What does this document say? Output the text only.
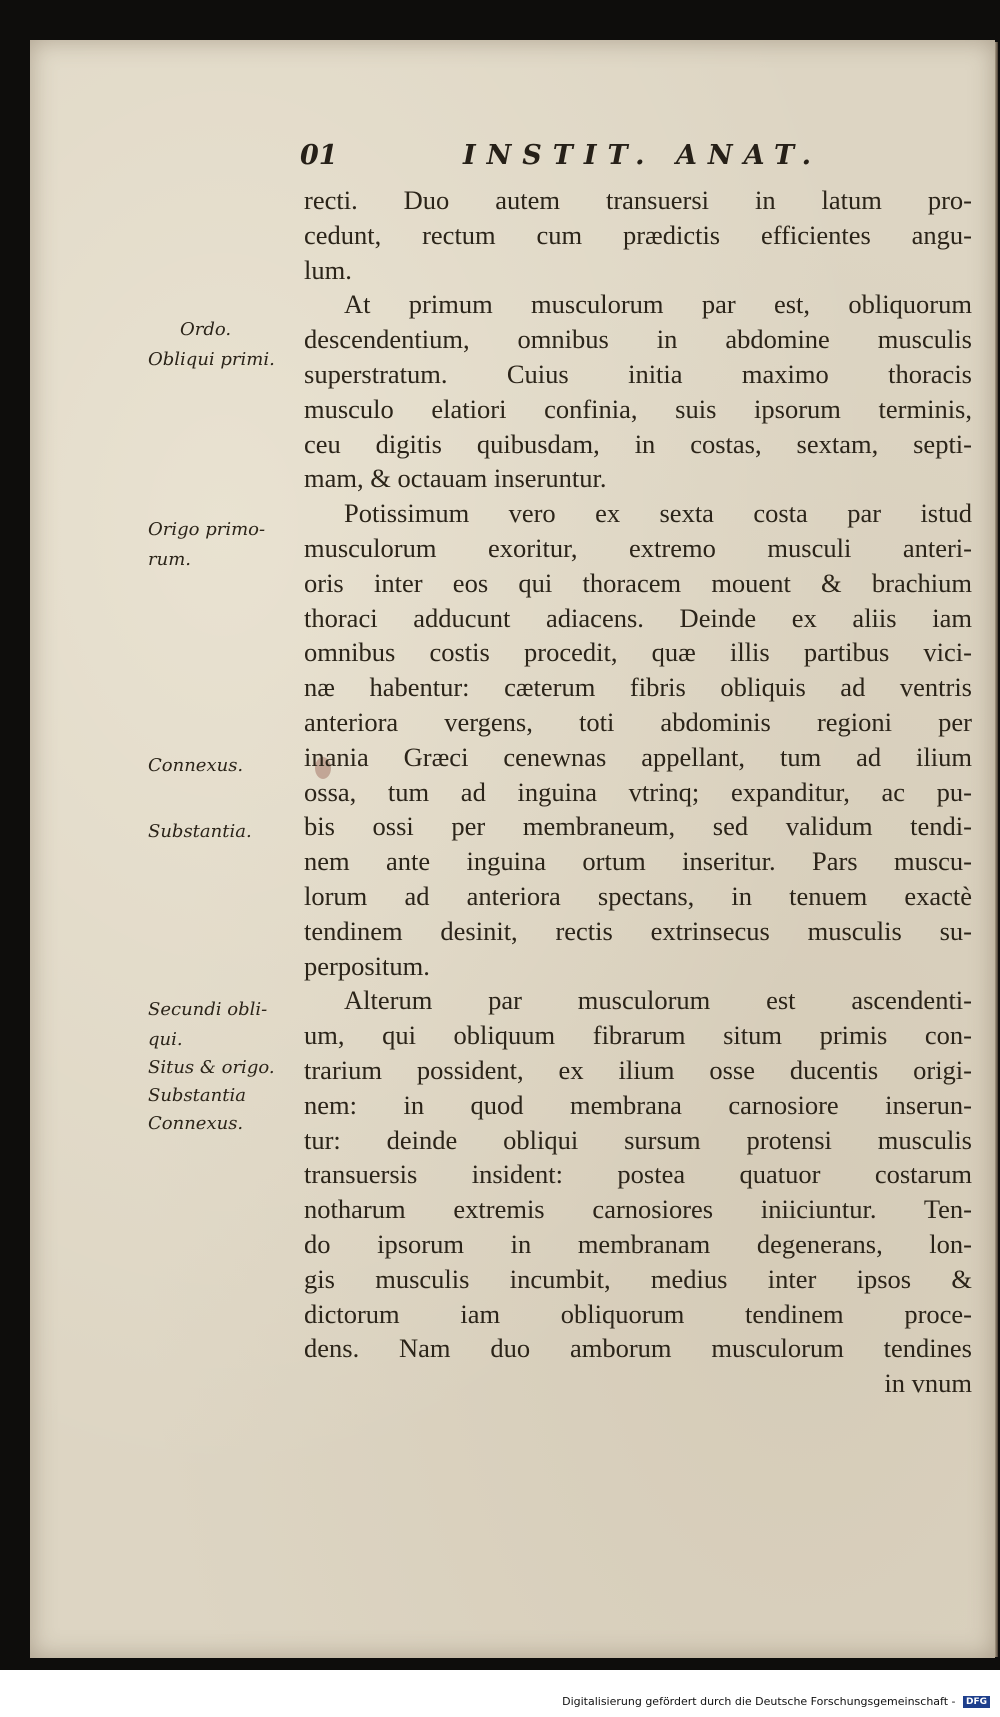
01	INSTIT. ANAT.
Ordo.
Obliqui primi.
Origo primo-
rum.
Connexus.
Substantia.
Secundi obli-
qui.
Situs & origo.
Substantia
Connexus.
recti. Duo autem transuersi in latum pro-
cedunt, rectum cum prædictis efficientes angu-
lum.
At primum musculorum par est, obliquorum
descendentium, omnibus in abdomine musculis
superstratum. Cuius initia maximo thoracis
musculo elatiori confinia, suis ipsorum terminis,
ceu digitis quibusdam, in costas, sextam, septi-
mam, & octauam inseruntur.
Potissimum vero ex sexta costa par istud
musculorum exoritur, extremo musculi anteri-
oris inter eos qui thoracem mouent & brachium
thoraci adducunt adiacens. Deinde ex aliis iam
omnibus costis procedit, quæ illis partibus vici-
næ habentur: cæterum fibris obliquis ad ventris
anteriora vergens, toti abdominis regioni per
inania Græci cenewnas appellant, tum ad ilium
ossa, tum ad inguina vtrinq; expanditur, ac pu-
bis ossi per membraneum, sed validum tendi-
nem ante inguina ortum inseritur. Pars muscu-
lorum ad anteriora spectans, in tenuem exactè
tendinem desinit, rectis extrinsecus musculis su-
perpositum.
Alterum par musculorum est ascendenti-
um, qui obliquum fibrarum situm primis con-
trarium possident, ex ilium osse ducentis origi-
nem: in quod membrana carnosiore inserun-
tur: deinde obliqui sursum protensi musculis
transuersis insident: postea quatuor costarum
notharum extremis carnosiores iniiciuntur. Ten-
do ipsorum in membranam degenerans, lon-
gis musculis incumbit, medius inter ipsos &
dictorum iam obliquorum tendinem proce-
dens. Nam duo amborum musculorum tendines
in vnum
Digitalisierung gefördert durch die Deutsche Forschungsgemeinschaft - DFG
